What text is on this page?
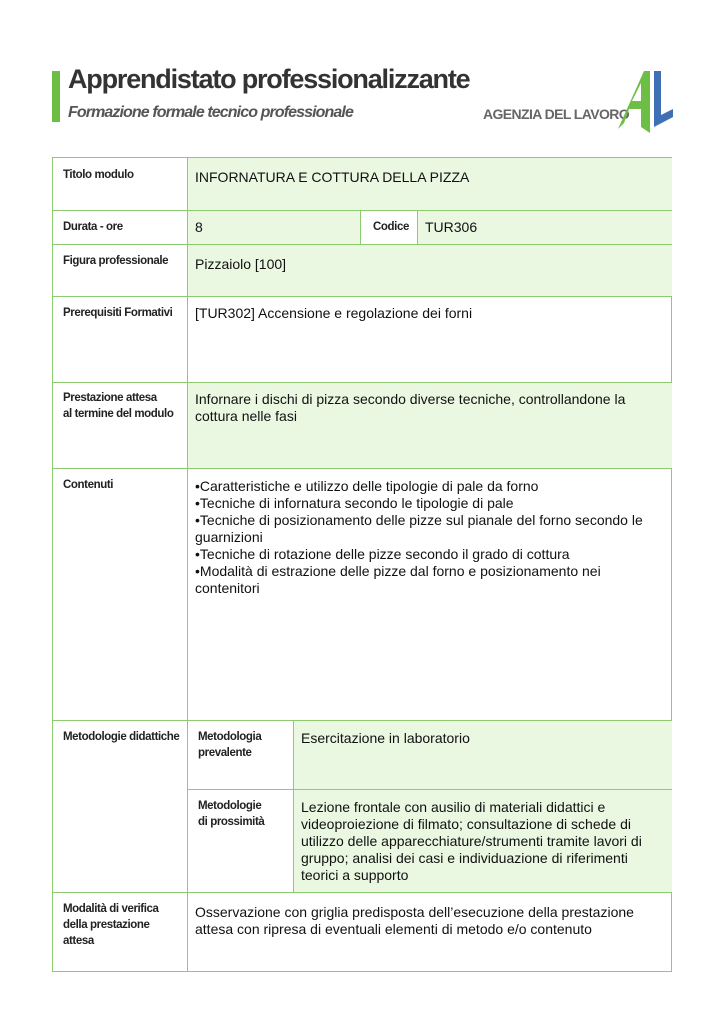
Apprendistato professionalizzante
Formazione formale tecnico professionale	AGENZIA DEL LAVORO
Titolo modulo	INFORNATURA E COTTURA DELLA PIZZA
Durata - ore	8	Codice	TUR306
Figura professionale	Pizzaiolo [100]
Prerequisiti Formativi	[TUR302] Accensione e regolazione dei forni
Prestazione attesa
al termine del modulo
Infornare i dischi di pizza secondo diverse tecniche, controllandone la cottura nelle fasi
Contenuti
•	Caratteristiche e utilizzo delle tipologie di pale da forno
• Tecniche di infornatura secondo le tipologie di pale
• Tecniche di posizionamento delle pizze sul pianale del forno secondo le guarnizioni
• Tecniche di rotazione delle pizze secondo il grado di cottura
• Modalità di estrazione delle pizze dal forno e posizionamento nei contenitori
Metodologie didattiche	Metodologia
prevalente
Esercitazione in laboratorio
Metodologie
di prossimità
Lezione frontale con ausilio di materiali didattici e videoproiezione di filmato; consultazione di schede di utilizzo delle apparecchiature/strumenti tramite lavori di gruppo; analisi dei casi e individuazione di riferimenti teorici a supporto
Modalità di verifica
della prestazione
attesa
Osservazione con griglia predisposta dell’esecuzione della prestazione attesa con ripresa di eventuali elementi di metodo e/o contenuto
